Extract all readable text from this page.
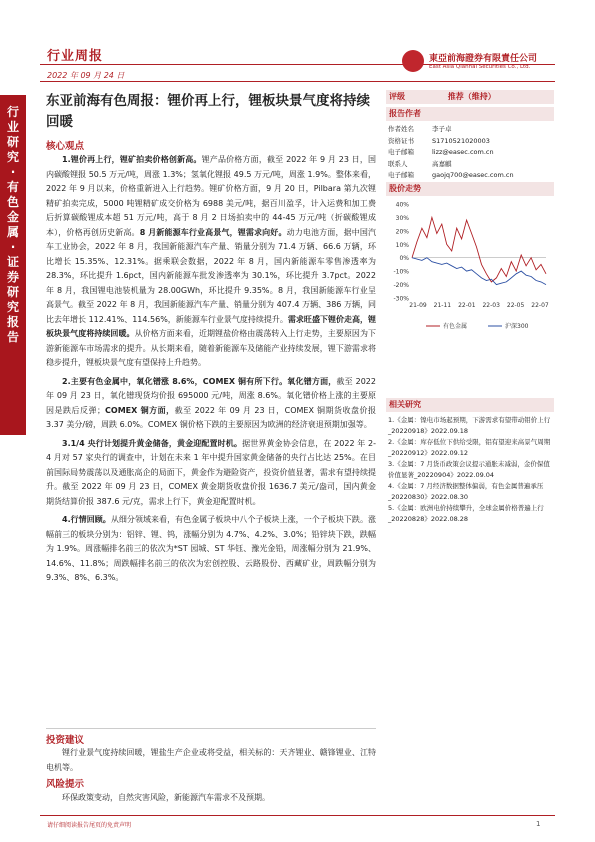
行业周报
2022 年 09 月 24 日
東亞前海證券有限責任公司
East Asia Qianhai Securities Co., Ltd.
行业研究·有色金属·证券研究报告
东亚前海有色周报：锂价再上行，锂板块景气度将持续回暖
核心观点

1.锂价再上行，锂矿拍卖价格创新高。锂产品价格方面，截至 2022 年 9 月 23 日，国内碳酸锂报 50.5 万元/吨，周涨 1.3%；氢氧化锂报 49.5 万元/吨，周涨 1.9%。整体来看，2022 年 9 月以来，价格重新进入上行趋势。锂矿价格方面，9 月 20 日，Pilbara 第九次锂精矿拍卖完成，5000 吨锂精矿成交价格为 6988 美元/吨，据百川盈孚，计入运费和加工费后折算碳酸锂成本超 51 万元/吨，高于 8 月 2 日场拍卖中的 44-45 万元/吨（折碳酸锂成本），价格再创历史新高。8 月新能源车行业高景气，锂需求向好。动力电池方面，据中国汽车工业协会，2022 年 8 月，我国新能源汽车产量、销量分别为 71.4 万辆、66.6 万辆，环比增长 15.35%、12.31%。据乘联会数据，2022 年 8 月，国内新能源车零售渗透率为 28.3%，环比提升 1.6pct，国内新能源车批发渗透率为 30.1%，环比提升 3.7pct。2022 年 8 月，我国锂电池装机量为 28.00GWh，环比提升 9.35%。8 月，我国新能源车行业呈高景气。截至 2022 年 8 月，我国新能源汽车产量、销量分别为 407.4 万辆、386 万辆，同比去年增长 112.41%、114.56%，新能源车行业景气度持续提升。需求旺盛下锂价走高，锂板块景气度将持续回暖。从价格方面来看，近期锂盐价格由震荡转入上行走势，主要原因为下游新能源车市场需求的提升。从长期来看，随着新能源车及储能产业持续发展，锂下游需求将稳步提升，锂板块景气度有望保持上升趋势。

2.主要有色金属中，氧化镨涨 8.6%，COMEX 铜有所下行。氧化镨方面，截至 2022 年 09 月 23 日，氧化镨现货均价报 695000 元/吨，周涨 8.6%。氧化镨价格上涨的主要原因是跌后反弹；COMEX 铜方面，截至 2022 年 09 月 23 日，COMEX 铜期货收盘价报 3.37 美分/磅，周跌 6.0%。COMEX 铜价格下跌的主要原因为欧洲的经济衰退预期加强等。

3.1/4 央行计划提升黄金储备，黄金迎配置时机。据世界黄金协会信息，在 2022 年 2-4 月对 57 家央行的调查中，计划在未来 1 年中提升国家黄金储备的央行占比达 25%。在目前国际局势震荡以及通胀高企的局面下，黄金作为避险资产，投资价值显著，需求有望持续提升。截至 2022 年 09 月 23 日，COMEX 黄金期货收盘价报 1636.7 美元/盎司，国内黄金期货结算价报 387.6 元/克，需求上行下，黄金迎配置时机。

4.行情回顾。从细分领域来看，有色金属子板块中八个子板块上涨，一个子板块下跌。涨幅前三的板块分别为：铝锌、锂、钨，涨幅分别为 4.7%、4.2%、3.0%；铅锌块下跌，跌幅为 1.9%。周涨幅排名前三的依次为*ST 园城、ST 华钰、豫光金铅，周涨幅分别为 21.9%、14.6%、11.8%；周跌幅排名前三的依次为宏创控股、云路股份、西藏矿业，周跌幅分别为 9.3%、8%、6.3%。

投资建议

锂行业景气度持续回暖，锂盐生产企业或将受益，相关标的：天齐锂业、赣锋锂业、江特电机等。

风险提示

环保政策变动，自然灾害风险，新能源汽车需求不及预期。

评级	推荐（维持）
报告作者
作者姓名	李子卓
资格证书	S1710521020003
电子邮箱	lizz@easec.com.cn
联系人	高嘉麒
电子邮箱	gaojq700@easec.com.cn
股价走势
40%
30%
20%
10%
0%
-10%
-20%
-30%
21-09 21-11 22-01 22-03 22-05 22-07
有色金属	沪深300
相关研究
1.《金属：镍电市场起预期，下游需求有望带动钼价上行_20220918》2022.09.18
2.《金属：库存低位下供给受限，铝有望迎来高景气周期_20220912》2022.09.12
3.《金属：7 月货币政策会议提示通胀末减弱，金价保值价值显著_20220904》2022.09.04
4.《金属：7 月经济数据整体偏弱，有色金属普遍承压_20220830》2022.08.30
5.《金属：欧洲电价持续攀升，全球金属价格普遍上行_20220828》2022.08.28
请仔细阅读报告尾页的免责声明	1
